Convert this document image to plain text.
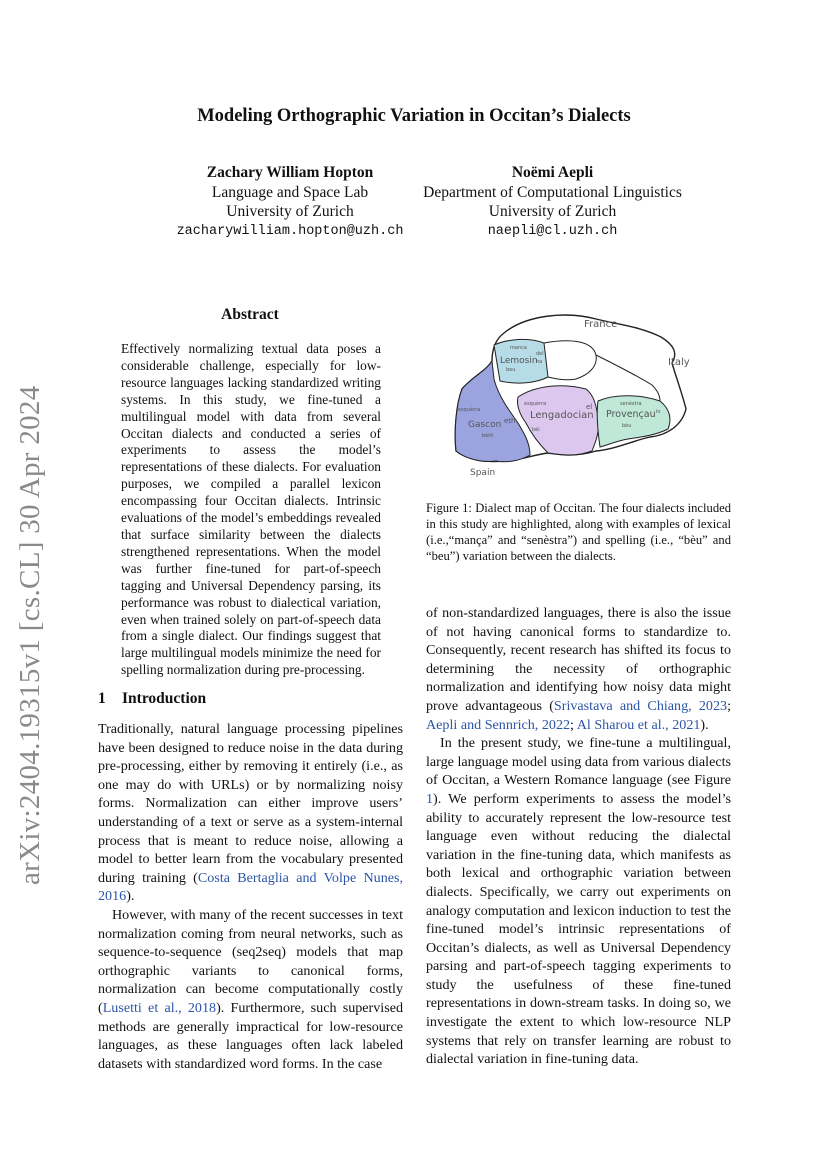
arXiv:2404.19315v1 [cs.CL] 30 Apr 2024
Modeling Orthographic Variation in Occitan’s Dialects
Zachary William Hopton
Language and Space Lab
University of Zurich
zacharywilliam.hopton@uzh.ch
Noëmi Aepli
Department of Computational Linguistics
University of Zurich
naepli@cl.uzh.ch
Abstract
Effectively normalizing textual data poses a considerable challenge, especially for low-resource languages lacking standardized writing systems. In this study, we fine-tuned a multilingual model with data from several Occitan dialects and conducted a series of experiments to assess the model’s representations of these dialects. For evaluation purposes, we compiled a parallel lexicon encompassing four Occitan dialects. Intrinsic evaluations of the model’s embeddings revealed that surface similarity between the dialects strengthened representations. When the model was further fine-tuned for part-of-speech tagging and Universal Dependency parsing, its performance was robust to dialectical variation, even when trained solely on part-of-speech data from a single dialect. Our findings suggest that large multilingual models minimize the need for spelling normalization during pre-processing.
1 Introduction

Traditionally, natural language processing pipelines have been designed to reduce noise in the data during pre-processing, either by removing it entirely (i.e., as one may do with URLs) or by normalizing noisy forms. Normalization can either improve users’ understanding of a text or serve as a system-internal process that is meant to reduce noise, allowing a model to better learn from the vocabulary presented during training (Costa Bertaglia and Volpe Nunes, 2016).

However, with many of the recent successes in text normalization coming from neural networks, such as sequence-to-sequence (seq2seq) models that map orthographic variants to canonical forms, normalization can become computationally costly (Lusetti et al., 2018). Furthermore, such supervised methods are generally impractical for low-resource languages, as these languages often lack labeled datasets with standardized word forms. In the case

France
Italy
Spain
manca
Lemosin
beu
del
ha
esquèrra
Gascon
bèth
eth
esquèrra
Lengadocian
bèl
el	senèstra
Provençau
bèu
lo
Figure 1: Dialect map of Occitan. The four dialects included in this study are highlighted, along with examples of lexical (i.e.,“mança” and “senèstra”) and spelling (i.e., “bèu” and “beu”) variation between the dialects.

of non-standardized languages, there is also the issue of not having canonical forms to standardize to. Consequently, recent research has shifted its focus to determining the necessity of orthographic normalization and identifying how noisy data might prove advantageous (Srivastava and Chiang, 2023; Aepli and Sennrich, 2022; Al Sharou et al., 2021).

In the present study, we fine-tune a multilingual, large language model using data from various dialects of Occitan, a Western Romance language (see Figure 1). We perform experiments to assess the model’s ability to accurately represent the low-resource test language even without reducing the dialectal variation in the fine-tuning data, which manifests as both lexical and orthographic variation between dialects. Specifically, we carry out experiments on analogy computation and lexicon induction to test the fine-tuned model’s intrinsic representations of Occitan’s dialects, as well as Universal Dependency parsing and part-of-speech tagging experiments to study the usefulness of these fine-tuned representations in down-stream tasks. In doing so, we investigate the extent to which low-resource NLP systems that rely on transfer learning are robust to dialectal variation in fine-tuning data.
